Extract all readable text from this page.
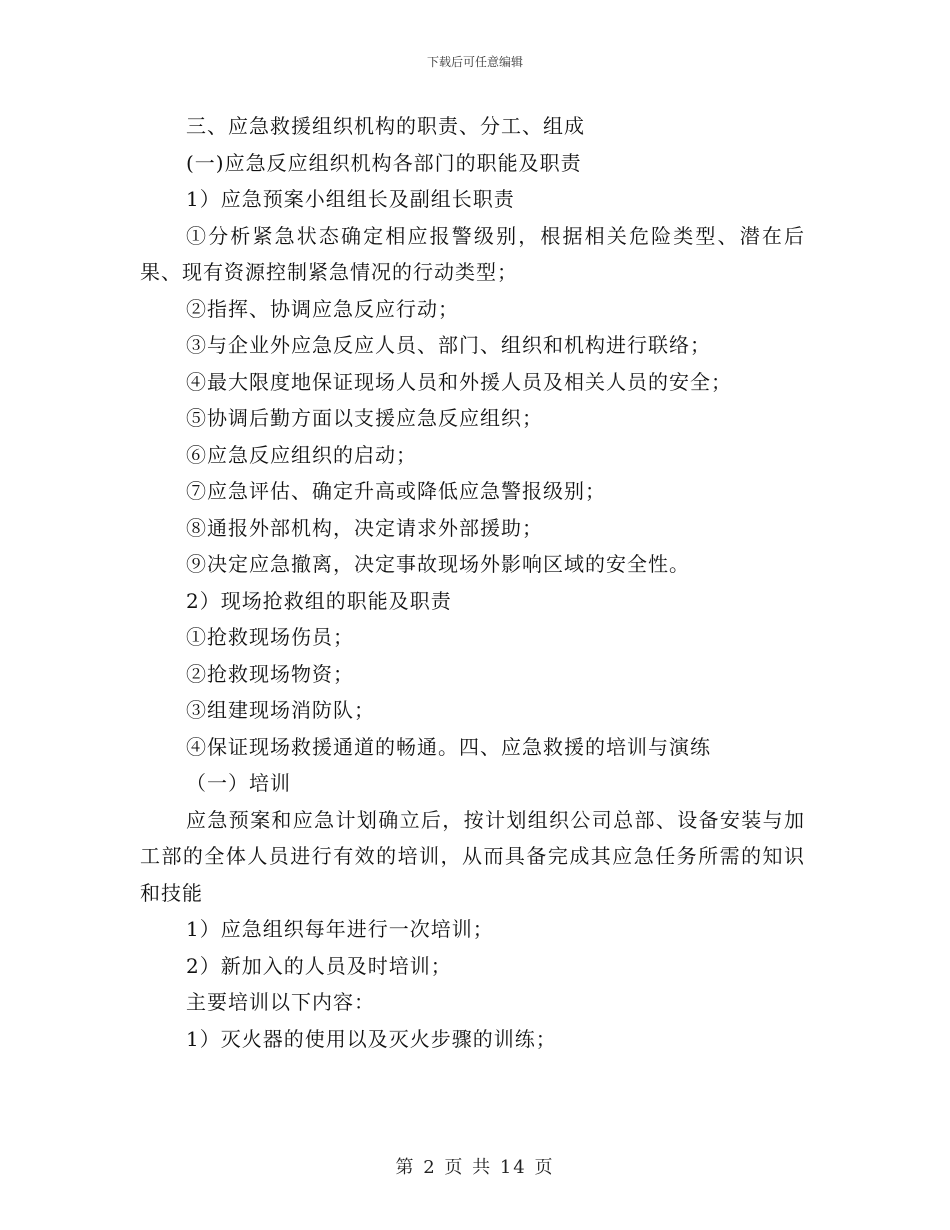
下载后可任意编辑

三、应急救援组织机构的职责、分工、组成

(一)应急反应组织机构各部门的职能及职责

1）应急预案小组组长及副组长职责

①分析紧急状态确定相应报警级别，根据相关危险类型、潜在后果、现有资源控制紧急情况的行动类型；

②指挥、协调应急反应行动；

③与企业外应急反应人员、部门、组织和机构进行联络；

④最大限度地保证现场人员和外援人员及相关人员的安全；

⑤协调后勤方面以支援应急反应组织；

⑥应急反应组织的启动；

⑦应急评估、确定升高或降低应急警报级别；

⑧通报外部机构，决定请求外部援助；

⑨决定应急撤离，决定事故现场外影响区域的安全性。

2）现场抢救组的职能及职责

①抢救现场伤员；

②抢救现场物资；

③组建现场消防队；

④保证现场救援通道的畅通。四、应急救援的培训与演练

（一）培训

应急预案和应急计划确立后，按计划组织公司总部、设备安装与加工部的全体人员进行有效的培训，从而具备完成其应急任务所需的知识和技能

1）应急组织每年进行一次培训；

2）新加入的人员及时培训；

主要培训以下内容：

1）灭火器的使用以及灭火步骤的训练；

第 2 页 共 14 页
